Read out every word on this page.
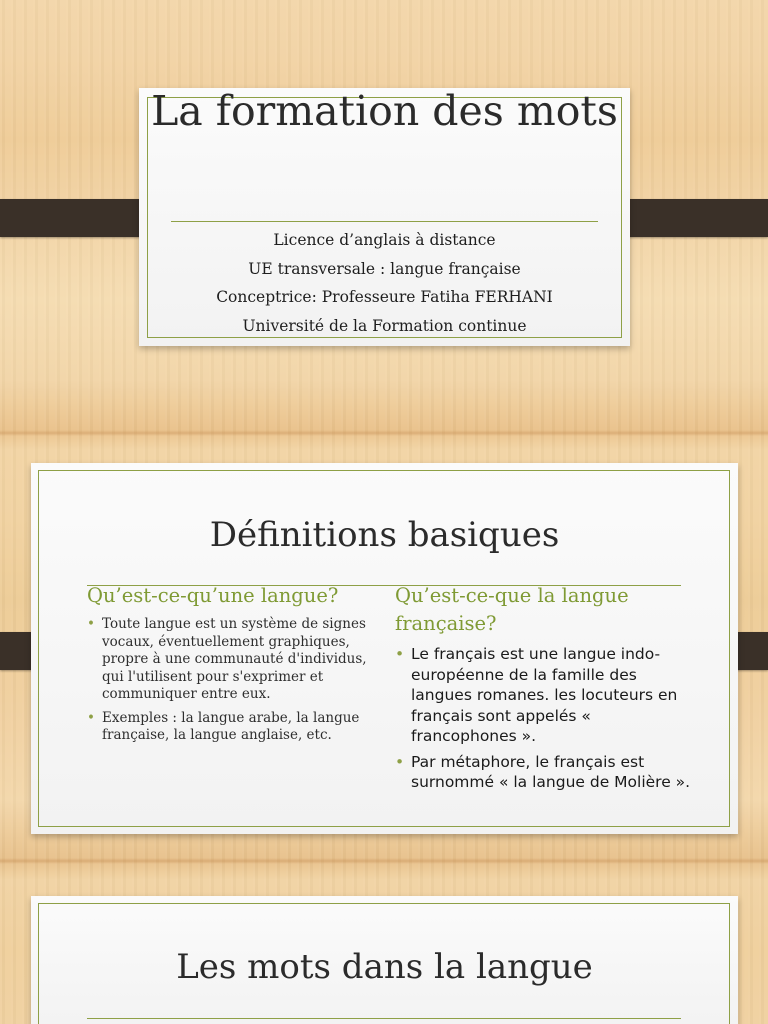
La formation des mots
Licence d’anglais à distance
UE transversale : langue française
Conceptrice: Professeure Fatiha FERHANI
Université de la Formation continue
Définitions basiques
Qu’est-ce-qu’une langue?
• Toute langue est un système de signes vocaux, éventuellement graphiques, propre à une communauté d'individus, qui l'utilisent pour s'exprimer et communiquer entre eux.
• Exemples : la langue arabe, la langue française, la langue anglaise, etc.
Qu’est-ce-que la langue française?
• Le français est une langue indo-européenne de la famille des langues romanes. les locuteurs en français sont appelés « francophones ».
• Par métaphore, le français est surnommé « la langue de Molière ».
Les mots dans la langue
